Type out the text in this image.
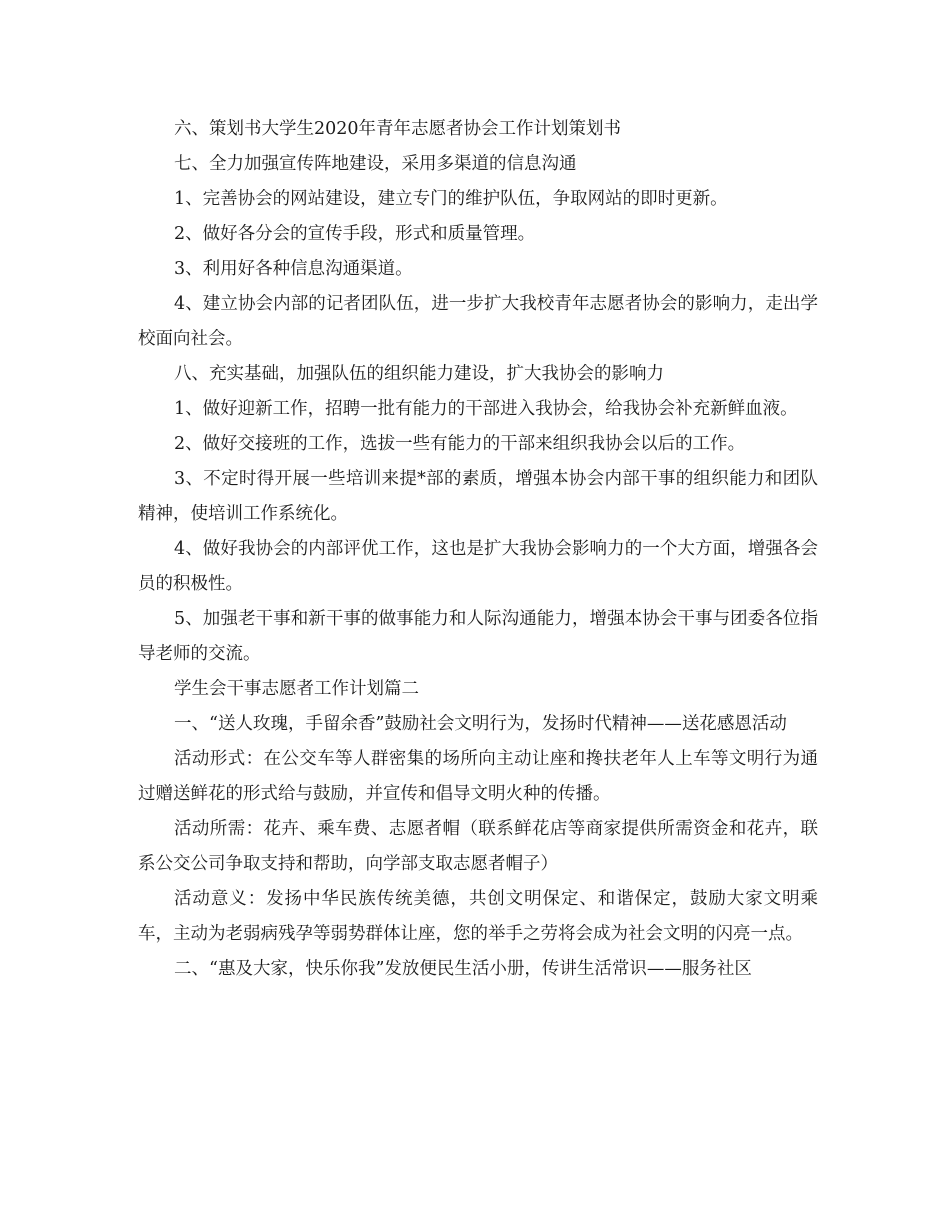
六、策划书大学生2020年青年志愿者协会工作计划策划书

七、全力加强宣传阵地建设，采用多渠道的信息沟通

1、完善协会的网站建设，建立专门的维护队伍，争取网站的即时更新。

2、做好各分会的宣传手段，形式和质量管理。

3、利用好各种信息沟通渠道。

4、建立协会内部的记者团队伍，进一步扩大我校青年志愿者协会的影响力，走出学校面向社会。

八、充实基础，加强队伍的组织能力建设，扩大我协会的影响力

1、做好迎新工作，招聘一批有能力的干部进入我协会，给我协会补充新鲜血液。

2、做好交接班的工作，选拔一些有能力的干部来组织我协会以后的工作。

3、不定时得开展一些培训来提*部的素质，增强本协会内部干事的组织能力和团队精神，使培训工作系统化。

4、做好我协会的内部评优工作，这也是扩大我协会影响力的一个大方面，增强各会员的积极性。

5、加强老干事和新干事的做事能力和人际沟通能力，增强本协会干事与团委各位指导老师的交流。

学生会干事志愿者工作计划篇二

一、“送人玫瑰，手留余香”鼓励社会文明行为，发扬时代精神——送花感恩活动

活动形式：在公交车等人群密集的场所向主动让座和搀扶老年人上车等文明行为通过赠送鲜花的形式给与鼓励，并宣传和倡导文明火种的传播。

活动所需：花卉、乘车费、志愿者帽（联系鲜花店等商家提供所需资金和花卉，联系公交公司争取支持和帮助，向学部支取志愿者帽子）

活动意义：发扬中华民族传统美德，共创文明保定、和谐保定，鼓励大家文明乘车，主动为老弱病残孕等弱势群体让座，您的举手之劳将会成为社会文明的闪亮一点。

二、“惠及大家，快乐你我”发放便民生活小册，传讲生活常识——服务社区
